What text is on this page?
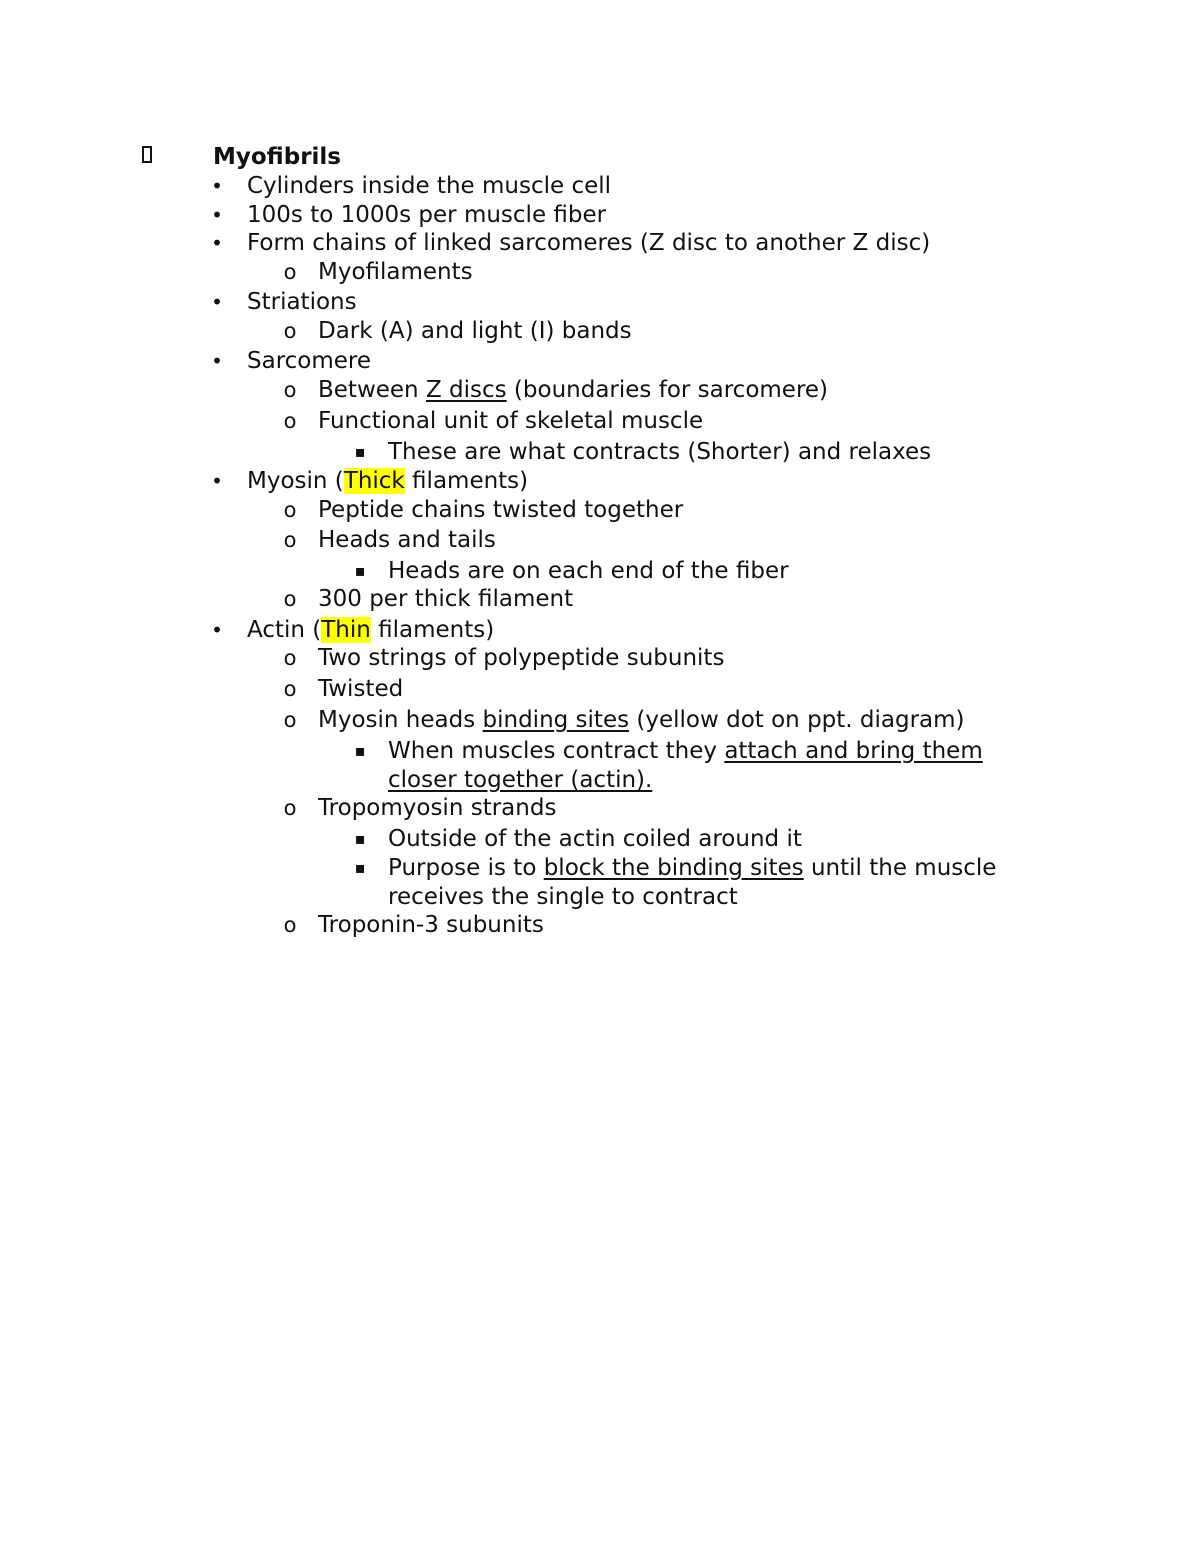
Myofibrils
• Cylinders inside the muscle cell
• 100s to 1000s per muscle fiber
• Form chains of linked sarcomeres (Z disc to another Z disc)
o Myofilaments
• Striations
o Dark (A) and light (I) bands
• Sarcomere
o Between Z discs (boundaries for sarcomere)
o Functional unit of skeletal muscle
▪ These are what contracts (Shorter) and relaxes
• Myosin (Thick filaments)
o Peptide chains twisted together
o Heads and tails
▪ Heads are on each end of the fiber
o 300 per thick filament
• Actin (Thin filaments)
o Two strings of polypeptide subunits
o Twisted
o Myosin heads binding sites (yellow dot on ppt. diagram)
▪ When muscles contract they attach and bring them
closer together (actin).
o Tropomyosin strands
▪ Outside of the actin coiled around it
▪ Purpose is to block the binding sites until the muscle
receives the single to contract
o Troponin-3 subunits
